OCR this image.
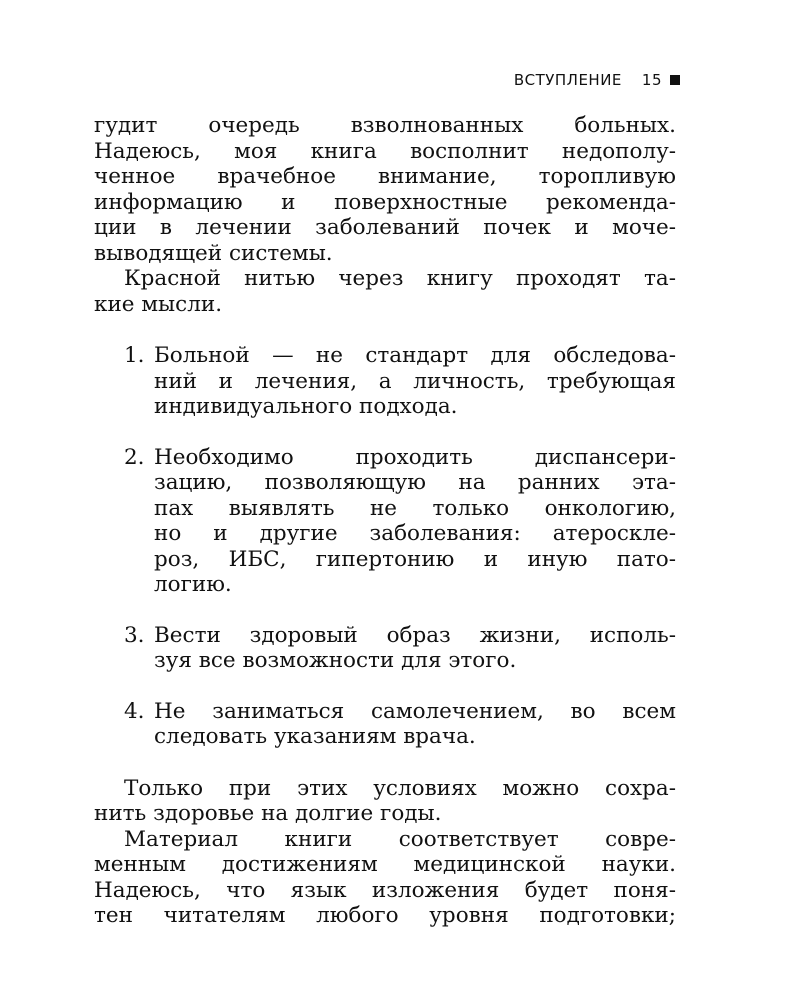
ВСТУПЛЕНИЕ 15
гудит очередь взволнованных больных.
Надеюсь, моя книга восполнит недополу-
ченное врачебное внимание, торопливую
информацию и поверхностные рекоменда-
ции в лечении заболеваний почек и моче-
выводящей системы.
Красной нитью через книгу проходят та-
кие мысли.
1. Больной — не стандарт для обследова-
ний и лечения, а личность, требующая
индивидуального подхода.
2. Необходимо проходить диспансери-
зацию, позволяющую на ранних эта-
пах выявлять не только онкологию,
но и другие заболевания: атероскле-
роз, ИБС, гипертонию и иную пато-
логию.
3. Вести здоровый образ жизни, исполь-
зуя все возможности для этого.
4. Не заниматься самолечением, во всем
следовать указаниям врача.
Только при этих условиях можно сохра-
нить здоровье на долгие годы.
Материал книги соответствует совре-
менным достижениям медицинской науки.
Надеюсь, что язык изложения будет поня-
тен читателям любого уровня подготовки;
